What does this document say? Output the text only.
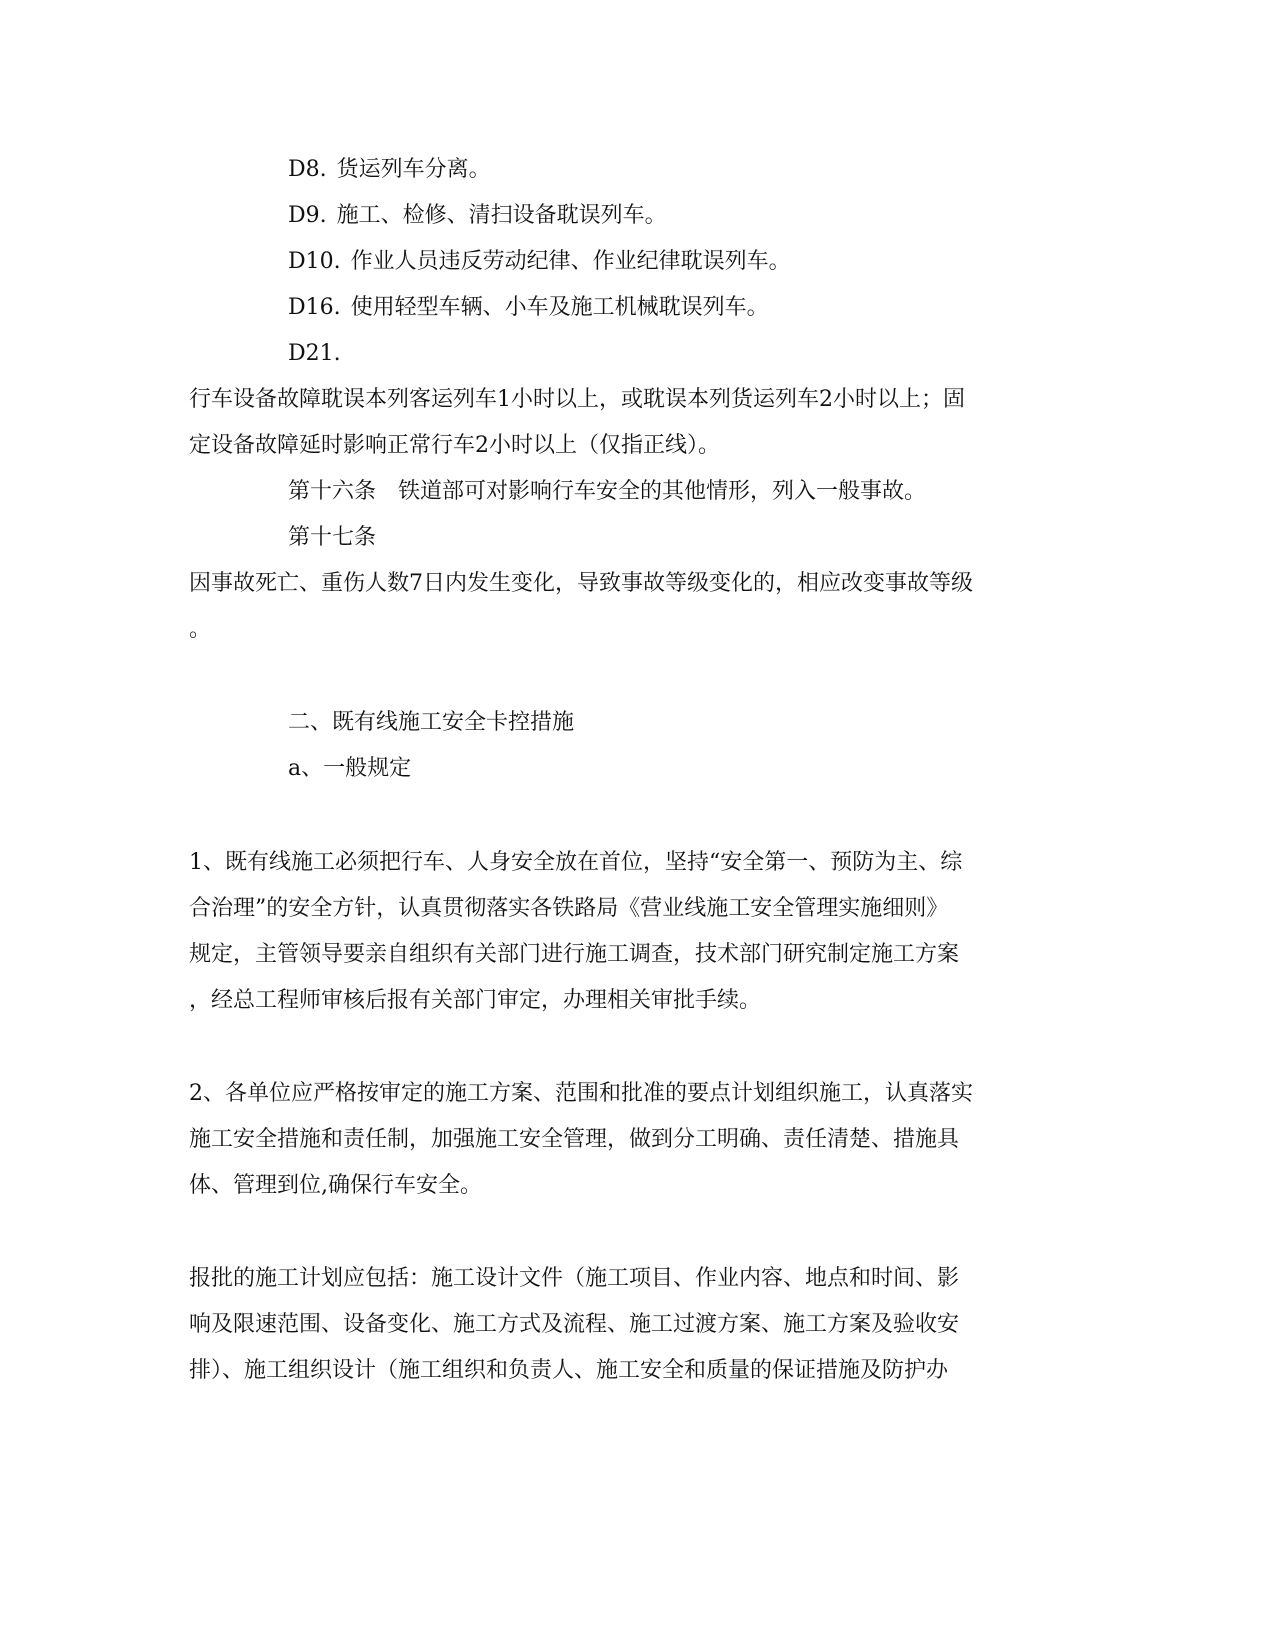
D8. 货运列车分离。
D9. 施工、检修、清扫设备耽误列车。
D10. 作业人员违反劳动纪律、作业纪律耽误列车。
D16. 使用轻型车辆、小车及施工机械耽误列车。
D21.
行车设备故障耽误本列客运列车1小时以上，或耽误本列货运列车2小时以上；固
定设备故障延时影响正常行车2小时以上（仅指正线）。
第十六条　铁道部可对影响行车安全的其他情形，列入一般事故。
第十七条
因事故死亡、重伤人数7日内发生变化，导致事故等级变化的，相应改变事故等级
。
二、既有线施工安全卡控措施
a、一般规定
1、既有线施工必须把行车、人身安全放在首位，坚持“安全第一、预防为主、综
合治理”的安全方针，认真贯彻落实各铁路局《营业线施工安全管理实施细则》
规定，主管领导要亲自组织有关部门进行施工调查，技术部门研究制定施工方案
，经总工程师审核后报有关部门审定，办理相关审批手续。
2、各单位应严格按审定的施工方案、范围和批准的要点计划组织施工，认真落实
施工安全措施和责任制，加强施工安全管理，做到分工明确、责任清楚、措施具
体、管理到位,确保行车安全。
报批的施工计划应包括：施工设计文件（施工项目、作业内容、地点和时间、影
响及限速范围、设备变化、施工方式及流程、施工过渡方案、施工方案及验收安
排）、施工组织设计（施工组织和负责人、施工安全和质量的保证措施及防护办
